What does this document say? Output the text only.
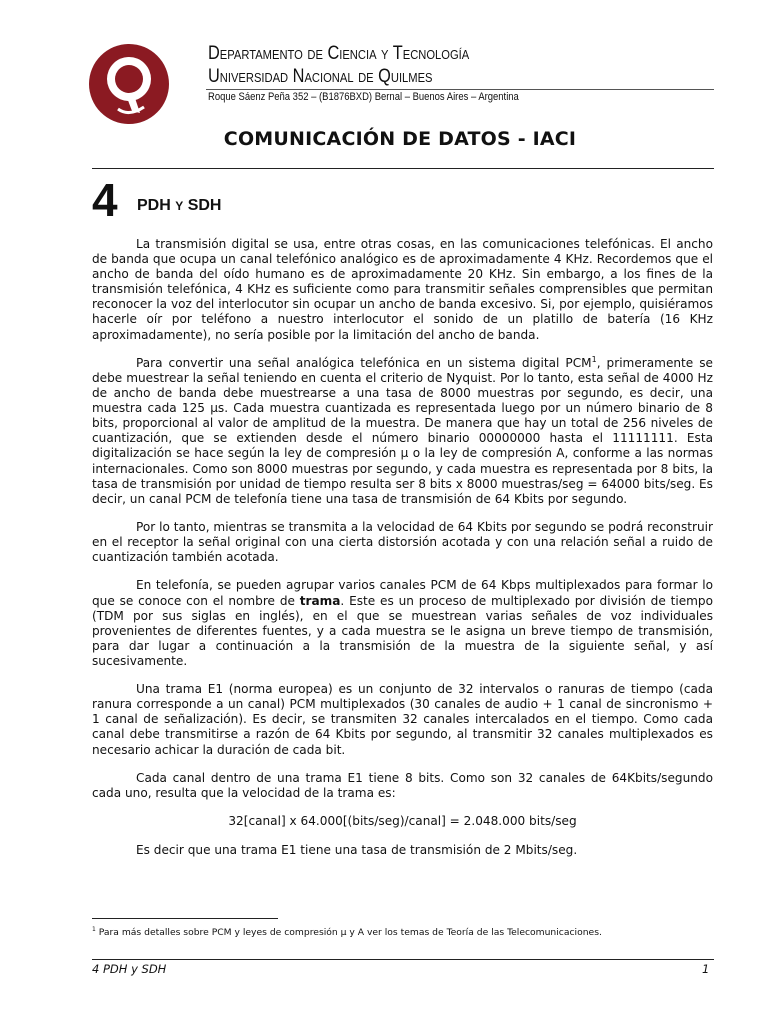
Departamento de Ciencia y Tecnología

Universidad Nacional de Quilmes

Roque Sáenz Peña 352 – (B1876BXD) Bernal – Buenos Aires – Argentina
COMUNICACIÓN DE DATOS - IACI
4 PDH Y SDH

La transmisión digital se usa, entre otras cosas, en las comunicaciones telefónicas. El ancho de banda que ocupa un canal telefónico analógico es de aproximadamente 4 KHz. Recordemos que el ancho de banda del oído humano es de aproximadamente 20 KHz. Sin embargo, a los fines de la transmisión telefónica, 4 KHz es suficiente como para transmitir señales comprensibles que permitan reconocer la voz del interlocutor sin ocupar un ancho de banda excesivo. Si, por ejemplo, quisiéramos hacerle oír por teléfono a nuestro interlocutor el sonido de un platillo de batería (16 KHz aproximadamente), no sería posible por la limitación del ancho de banda.

Para convertir una señal analógica telefónica en un sistema digital PCM$^1$, primeramente se debe muestrear la señal teniendo en cuenta el criterio de Nyquist. Por lo tanto, esta señal de 4000 Hz de ancho de banda debe muestrearse a una tasa de 8000 muestras por segundo, es decir, una muestra cada 125 µs. Cada muestra cuantizada es representada luego por un número binario de 8 bits, proporcional al valor de amplitud de la muestra. De manera que hay un total de 256 niveles de cuantización, que se extienden desde el número binario 00000000 hasta el 11111111. Esta digitalización se hace según la ley de compresión µ o la ley de compresión A, conforme a las normas internacionales. Como son 8000 muestras por segundo, y cada muestra es representada por 8 bits, la tasa de transmisión por unidad de tiempo resulta ser 8 bits x 8000 muestras/seg = 64000 bits/seg. Es decir, un canal PCM de telefonía tiene una tasa de transmisión de 64 Kbits por segundo.

Por lo tanto, mientras se transmita a la velocidad de 64 Kbits por segundo se podrá reconstruir en el receptor la señal original con una cierta distorsión acotada y con una relación señal a ruido de cuantización también acotada.

En telefonía, se pueden agrupar varios canales PCM de 64 Kbps multiplexados para formar lo que se conoce con el nombre de trama. Este es un proceso de multiplexado por división de tiempo (TDM por sus siglas en inglés), en el que se muestrean varias señales de voz individuales provenientes de diferentes fuentes, y a cada muestra se le asigna un breve tiempo de transmisión, para dar lugar a continuación a la transmisión de la muestra de la siguiente señal, y así sucesivamente.

Una trama E1 (norma europea) es un conjunto de 32 intervalos o ranuras de tiempo (cada ranura corresponde a un canal) PCM multiplexados (30 canales de audio + 1 canal de sincronismo + 1 canal de señalización). Es decir, se transmiten 32 canales intercalados en el tiempo. Como cada canal debe transmitirse a razón de 64 Kbits por segundo, al transmitir 32 canales multiplexados es necesario achicar la duración de cada bit.

Cada canal dentro de una trama E1 tiene 8 bits. Como son 32 canales de 64Kbits/segundo cada uno, resulta que la velocidad de la trama es:

32[canal] x 64.000[(bits/seg)/canal] = 2.048.000 bits/seg

Es decir que una trama E1 tiene una tasa de transmisión de 2 Mbits/seg.

$^1$ Para más detalles sobre PCM y leyes de compresión µ y A ver los temas de Teoría de las Telecomunicaciones.
4 PDH y SDH	1
